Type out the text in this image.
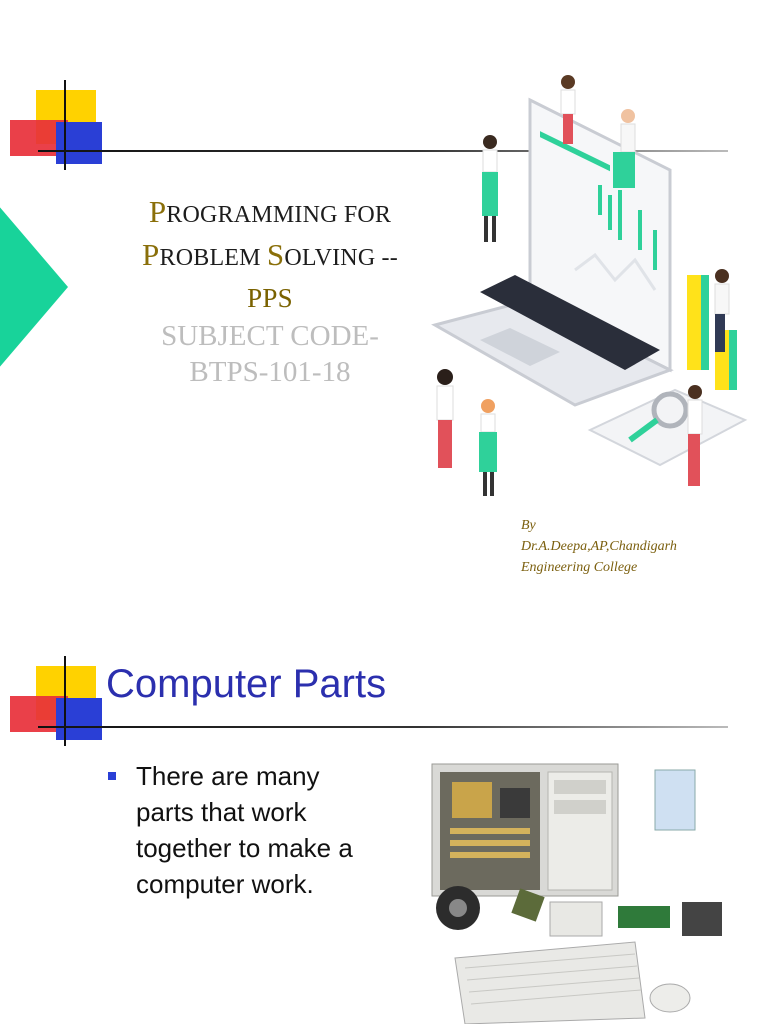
PROGRAMMING FOR
PROBLEM SOLVING --
PPS
SUBJECT CODE-
BTPS-101-18
By
Dr.A.Deepa,AP,Chandigarh
Engineering College
Computer Parts
There are many parts that work together to make a computer work.
